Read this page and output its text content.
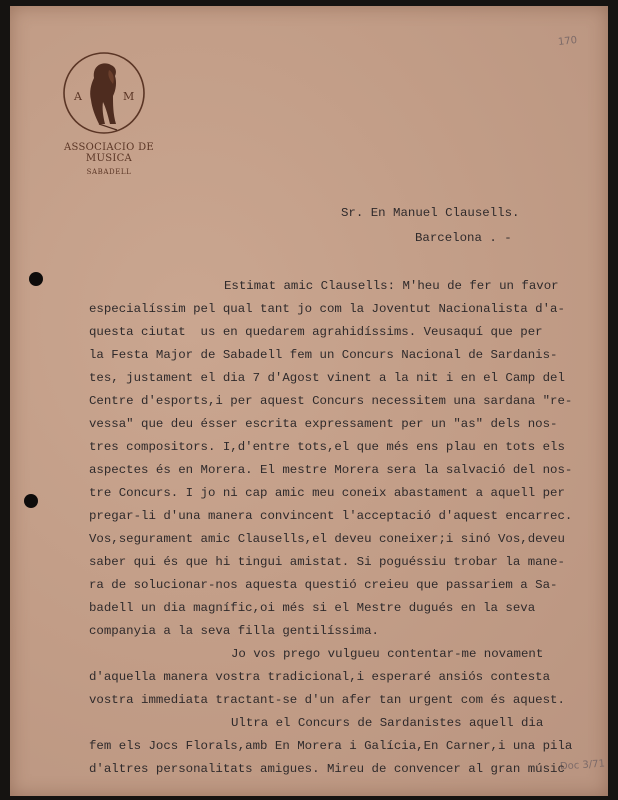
A	M
ASSOCIACIO DE MUSICA
SABADELL
170
Doc 3/71
Sr. En Manuel Clausells.
Barcelona . -
Estimat amic Clausells: M'heu de fer un favor
especialíssim pel qual tant jo com la Joventut Nacionalista d'a-
questa ciutat  us en quedarem agrahidíssims. Veusaquí que per
la Festa Major de Sabadell fem un Concurs Nacional de Sardanis-
tes, justament el dia 7 d'Agost vinent a la nit i en el Camp del
Centre d'esports,i per aquest Concurs necessitem una sardana "re-
vessa" que deu ésser escrita expressament per un "as" dels nos-
tres compositors. I,d'entre tots,el que més ens plau en tots els
aspectes és en Morera. El mestre Morera sera la salvació del nos-
tre Concurs. I jo ni cap amic meu coneix abastament a aquell per
pregar-li d'una manera convincent l'acceptació d'aquest encarrec.
Vos,segurament amic Clausells,el deveu coneixer;i sinó Vos,deveu
saber qui és que hi tingui amistat. Si poguéssiu trobar la mane-
ra de solucionar-nos aquesta questió creieu que passariem a Sa-
badell un dia magnífic,oi més si el Mestre dugués en la seva
companyia a la seva filla gentilíssima.
Jo vos prego vulgueu contentar-me novament
d'aquella manera vostra tradicional,i esperaré ansiós contesta
vostra immediata tractant-se d'un afer tan urgent com és aquest.
Ultra el Concurs de Sardanistes aquell dia
fem els Jocs Florals,amb En Morera i Galícia,En Carner,i una pila
d'altres personalitats amigues. Mireu de convencer al gran músic
